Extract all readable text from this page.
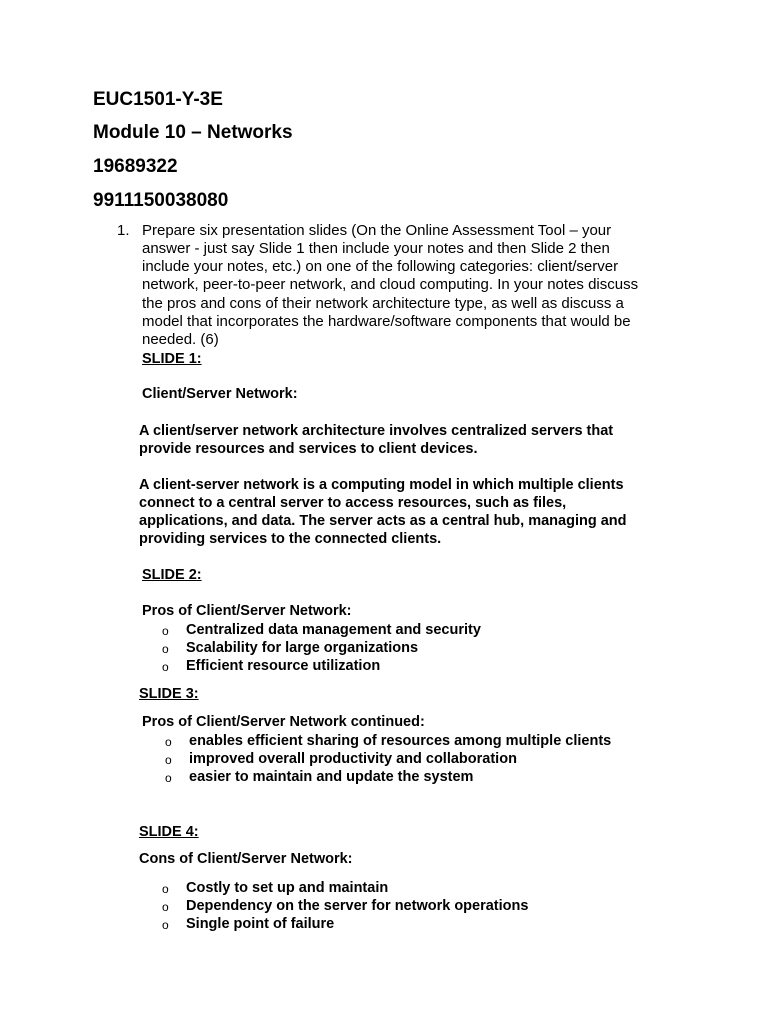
EUC1501-Y-3E
Module 10 – Networks
19689322
9911150038080
1. Prepare six presentation slides (On the Online Assessment Tool – your
answer - just say Slide 1 then include your notes and then Slide 2 then
include your notes, etc.) on one of the following categories: client/server
network, peer-to-peer network, and cloud computing. In your notes discuss
the pros and cons of their network architecture type, as well as discuss a
model that incorporates the hardware/software components that would be
needed. (6)
SLIDE 1:
Client/Server Network:
A client/server network architecture involves centralized servers that
provide resources and services to client devices.
A client-server network is a computing model in which multiple clients
connect to a central server to access resources, such as files,
applications, and data. The server acts as a central hub, managing and
providing services to the connected clients.
SLIDE 2:
Pros of Client/Server Network:
o Centralized data management and security
o Scalability for large organizations
o Efficient resource utilization
SLIDE 3:
Pros of Client/Server Network continued:
o enables efficient sharing of resources among multiple clients
o improved overall productivity and collaboration
o easier to maintain and update the system
SLIDE 4:
Cons of Client/Server Network:
o Costly to set up and maintain
o Dependency on the server for network operations
o Single point of failure
